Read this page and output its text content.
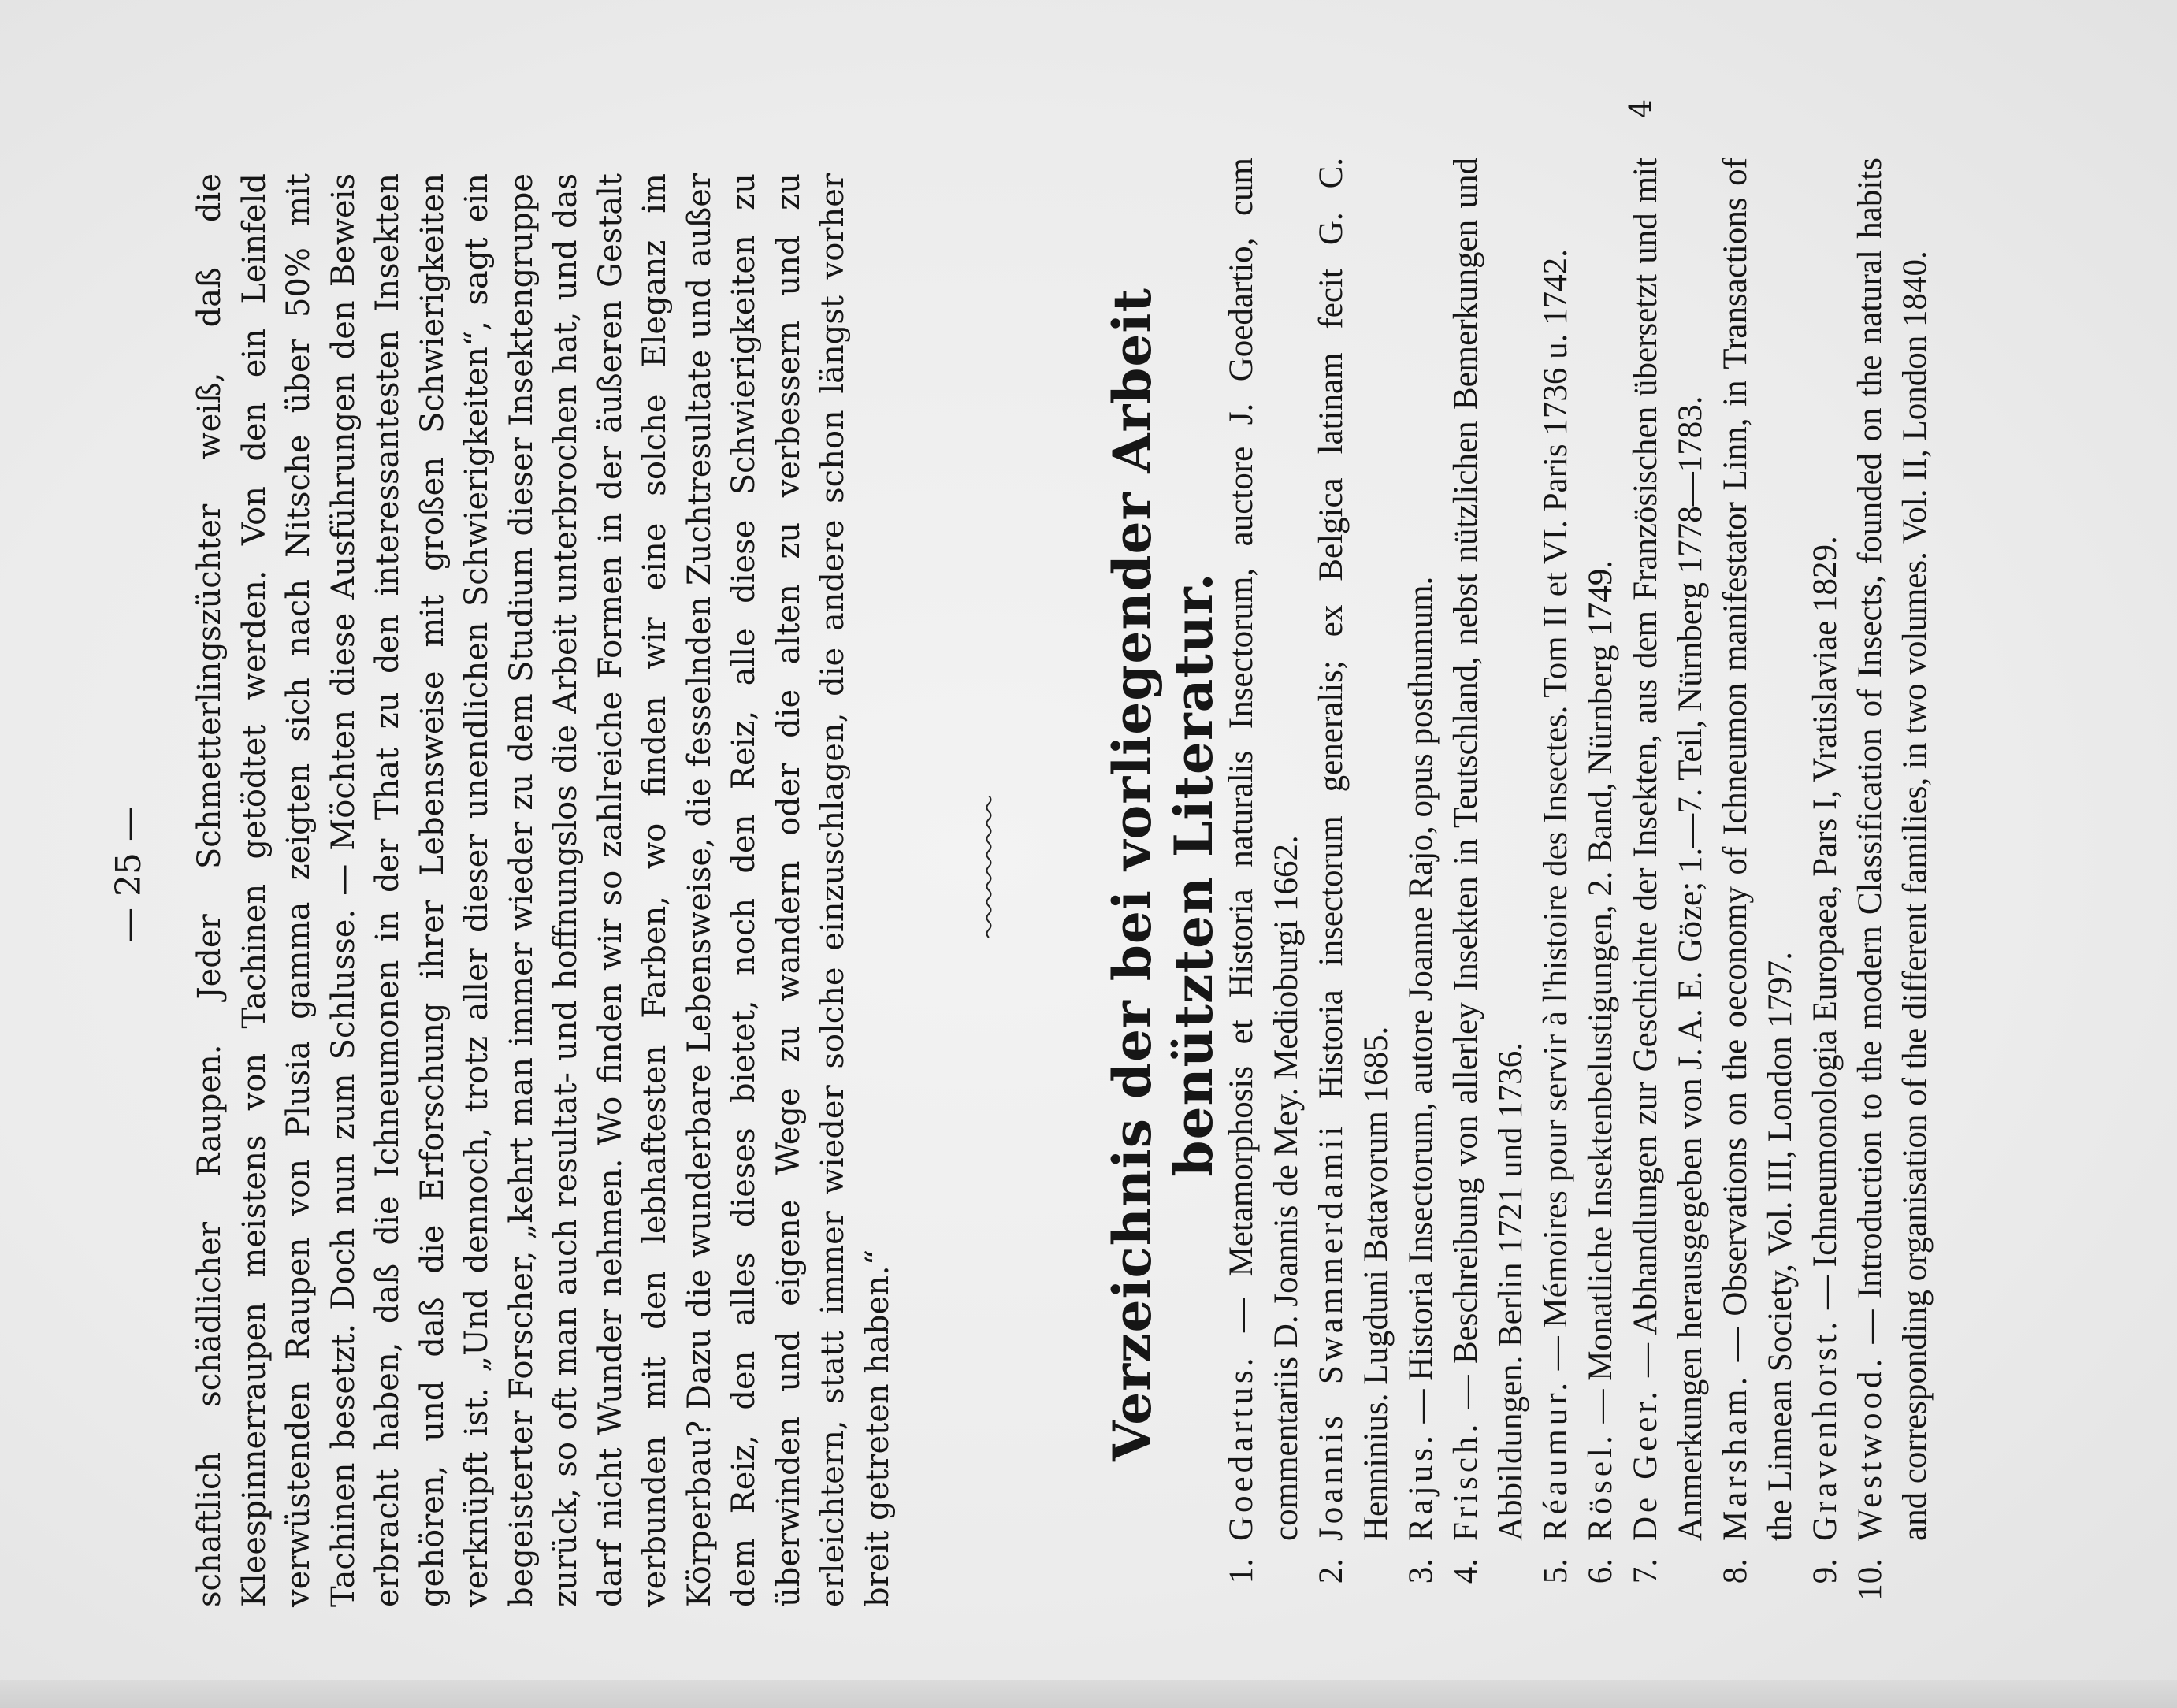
— 25 — schaftlich schädlicher Raupen. Jeder Schmetterlingszüchter weiß, daß die Kleespinnerraupen meistens von Tachinen getödtet werden. Von den ein Leinfeld verwüstenden Raupen von Plusia gamma zeigten sich nach Nitsche über 50% mit Tachinen besetzt. Doch nun zum Schlusse. — Möchten diese Ausführungen den Beweis erbracht haben, daß die Ichneumonen in der That zu den interessantesten Insekten gehören, und daß die Erforschung ihrer Lebensweise mit großen Schwierigkeiten verknüpft ist. „Und dennoch, trotz aller dieser unendlichen Schwierigkeiten“, sagt ein begeisterter Forscher, „kehrt man immer wieder zu dem Studium dieser Insektengruppe zurück, so oft man auch resultat- und hoffnungslos die Arbeit unterbrochen hat, und das darf nicht Wunder nehmen. Wo finden wir so zahlreiche Formen in der äußeren Gestalt verbunden mit den lebhaftesten Farben, wo finden wir eine solche Eleganz im Körperbau? Dazu die wunderbare Lebensweise, die fesselnden Zuchtresultate und außer dem Reiz, den alles dieses bietet, noch den Reiz, alle diese Schwierigkeiten zu überwinden und eigene Wege zu wandern oder die alten zu verbessern und zu erleichtern, statt immer wieder solche einzuschlagen, die andere schon längst vorher breit getreten haben.“	Verzeichnis der bei vorliegender Arbeit benützten Literatur.
1.
Goedartus. — Metamorphosis et Historia naturalis Insectorum, auctore J. Goedartio, cum commentariis D. Joannis de Mey. Medioburgi 1662.
2.
Joannis Swammerdamii Historia insectorum generalis; ex Belgica latinam fecit G. C. Henninius. Lugduni Batavorum 1685.
3.
Rajus. — Historia Insectorum, autore Joanne Rajo, opus posthumum.
4.
Frisch. — Beschreibung von allerley Insekten in Teutschland, nebst nützlichen Bemerkungen und Abbildungen. Berlin 1721 und 1736.
5.
Réaumur. — Mémoires pour servir à l'histoire des Insectes. Tom II et VI. Paris 1736 u. 1742.
6.
Rösel. — Monatliche Insektenbelustigungen, 2. Band, Nürnberg 1749.
7.
De Geer. — Abhandlungen zur Geschichte der Insekten, aus dem Französischen übersetzt und mit Anmerkungen herausgegeben von J. A. E. Göze; 1.—7. Teil, Nürnberg 1778—1783.
8.
Marsham. — Observations on the oeconomy of Ichneumon manifestator Linn, in Transactions of the Linnean Society, Vol. III, London 1797.
9.
Gravenhorst. — Ichneumonologia Europaea, Pars I, Vratislaviae 1829.
10.
Westwood. — Introduction to the modern Classification of Insects, founded on the natural habits and corresponding organisation of the different families, in two volumes. Vol. II, London 1840.
4
